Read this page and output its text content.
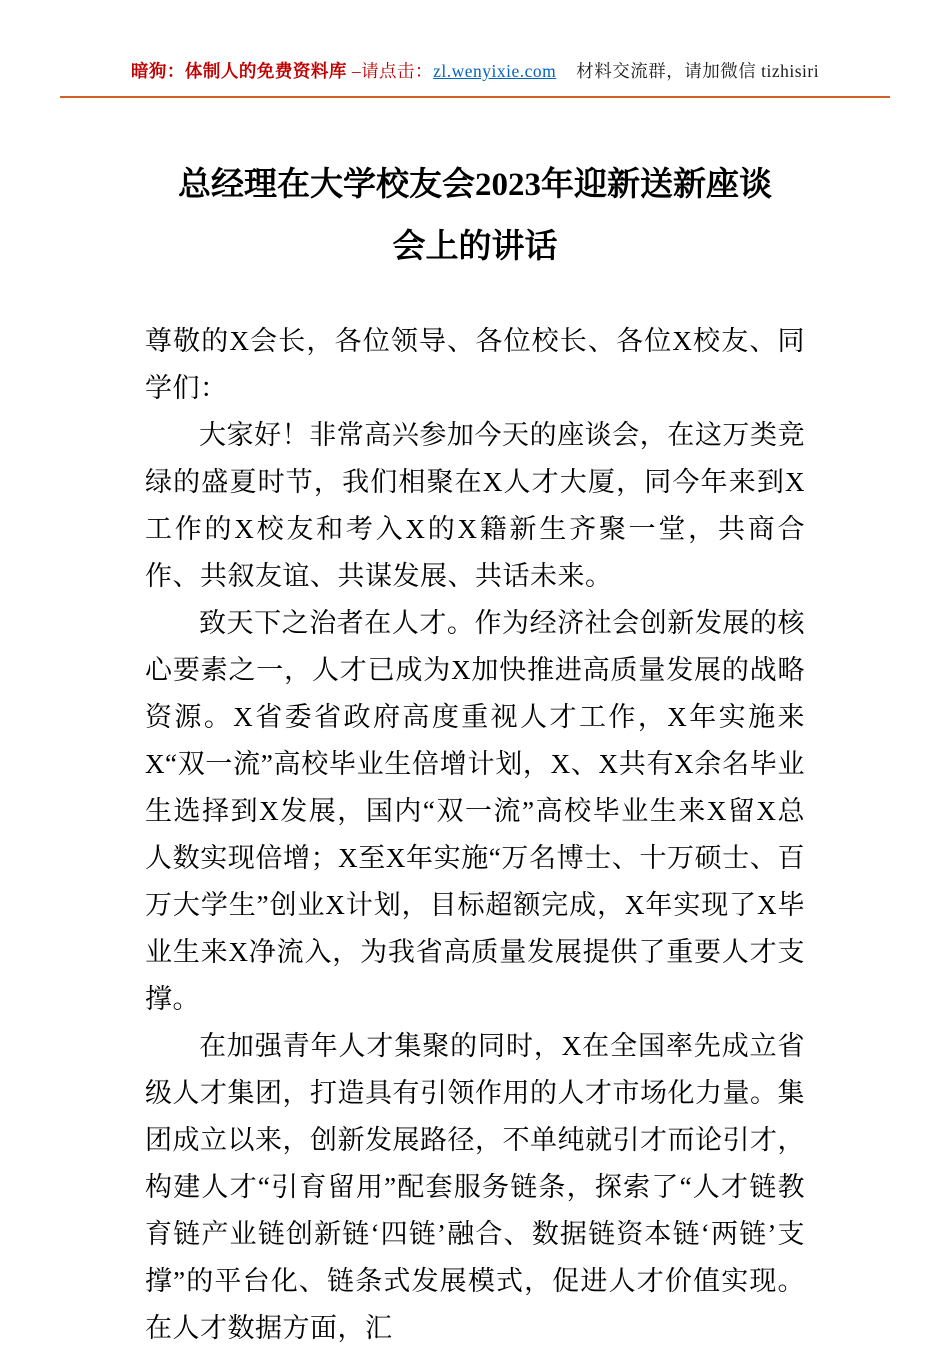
暗狗：体制人的免费资料库 –请点击：zl.wenyixie.com 材料交流群，请加微信 tizhisiri
总经理在大学校友会2023年迎新送新座谈
会上的讲话

尊敬的X会长，各位领导、各位校长、各位X校友、同学们：

大家好！非常高兴参加今天的座谈会，在这万类竞绿的盛夏时节，我们相聚在X人才大厦，同今年来到X工作的X校友和考入X的X籍新生齐聚一堂，共商合作、共叙友谊、共谋发展、共话未来。

致天下之治者在人才。作为经济社会创新发展的核心要素之一，人才已成为X加快推进高质量发展的战略资源。X省委省政府高度重视人才工作，X年实施来X“双一流”高校毕业生倍增计划，X、X共有X余名毕业生选择到X发展，国内“双一流”高校毕业生来X留X总人数实现倍增；X至X年实施“万名博士、十万硕士、百万大学生”创业X计划，目标超额完成，X年实现了X毕业生来X净流入，为我省高质量发展提供了重要人才支撑。

在加强青年人才集聚的同时，X在全国率先成立省级人才集团，打造具有引领作用的人才市场化力量。集团成立以来，创新发展路径，不单纯就引才而论引才，构建人才“引育留用”配套服务链条，探索了“人才链教育链产业链创新链‘四链’融合、数据链资本链‘两链’支撑”的平台化、链条式发展模式，促进人才价值实现。在人才数据方面，汇
